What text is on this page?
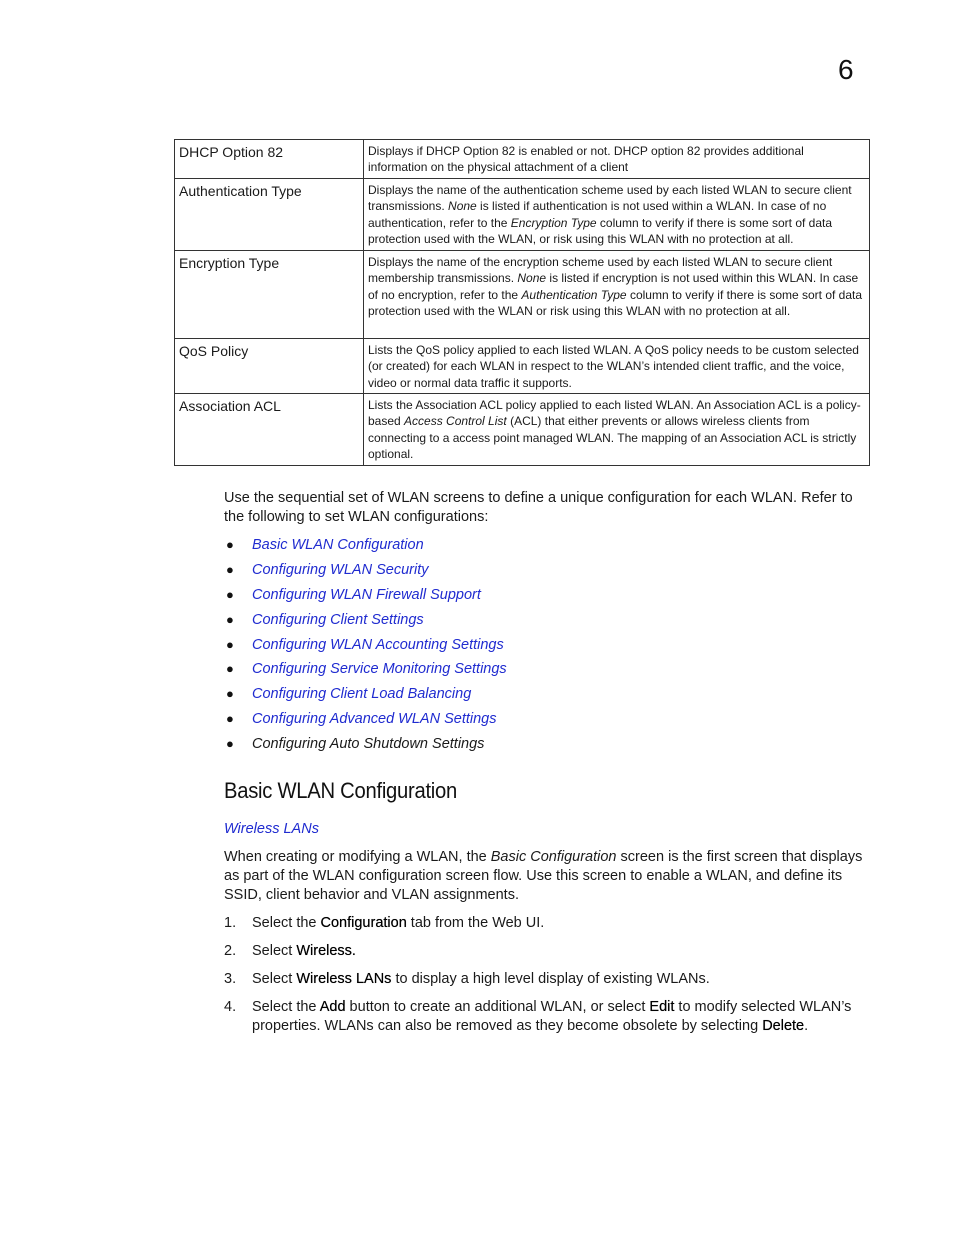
6
DHCP Option 82	Displays if DHCP Option 82 is enabled or not. DHCP option 82 provides additional information on the physical attachment of a client
Authentication Type	Displays the name of the authentication scheme used by each listed WLAN to secure client transmissions. None is listed if authentication is not used within a WLAN. In case of no authentication, refer to the Encryption Type column to verify if there is some sort of data protection used with the WLAN, or risk using this WLAN with no protection at all.
Encryption Type	Displays the name of the encryption scheme used by each listed WLAN to secure client membership transmissions. None is listed if encryption is not used within this WLAN. In case of no encryption, refer to the Authentication Type column to verify if there is some sort of data protection used with the WLAN or risk using this WLAN with no protection at all.
QoS Policy	Lists the QoS policy applied to each listed WLAN. A QoS policy needs to be custom selected (or created) for each WLAN in respect to the WLAN’s intended client traffic, and the voice, video or normal data traffic it supports.
Association ACL	Lists the Association ACL policy applied to each listed WLAN. An Association ACL is a policy-based Access Control List (ACL) that either prevents or allows wireless clients from connecting to a access point managed WLAN. The mapping of an Association ACL is strictly optional.

Use the sequential set of WLAN screens to define a unique configuration for each WLAN. Refer to the following to set WLAN configurations:

● Basic WLAN Configuration
● Configuring WLAN Security
● Configuring WLAN Firewall Support
● Configuring Client Settings
● Configuring WLAN Accounting Settings
● Configuring Service Monitoring Settings
● Configuring Client Load Balancing
● Configuring Advanced WLAN Settings
● Configuring Auto Shutdown Settings
Basic WLAN Configuration
Wireless LANs

When creating or modifying a WLAN, the Basic Configuration screen is the first screen that displays as part of the WLAN configuration screen flow. Use this screen to enable a WLAN, and define its SSID, client behavior and VLAN assignments.

1. Select the Configuration tab from the Web UI.
2. Select Wireless.
3. Select Wireless LANs to display a high level display of existing WLANs.
4. Select the Add button to create an additional WLAN, or select Edit to modify selected WLAN’s properties. WLANs can also be removed as they become obsolete by selecting Delete.
